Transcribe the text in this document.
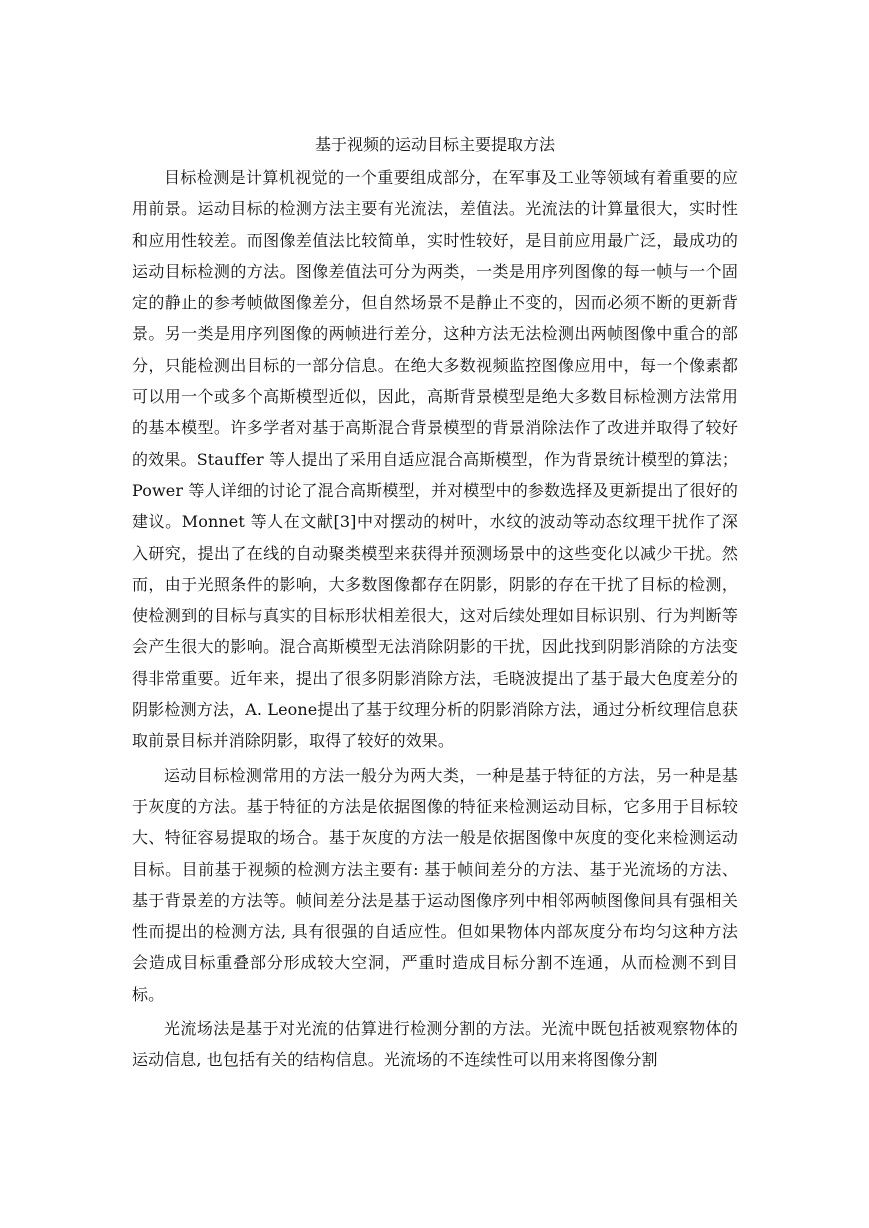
基于视频的运动目标主要提取方法

目标检测是计算机视觉的一个重要组成部分，在军事及工业等领域有着重要的应用前景。运动目标的检测方法主要有光流法，差值法。光流法的计算量很大，实时性和应用性较差。而图像差值法比较简单，实时性较好，是目前应用最广泛，最成功的运动目标检测的方法。图像差值法可分为两类，一类是用序列图像的每一帧与一个固定的静止的参考帧做图像差分，但自然场景不是静止不变的，因而必须不断的更新背景。另一类是用序列图像的两帧进行差分，这种方法无法检测出两帧图像中重合的部分，只能检测出目标的一部分信息。在绝大多数视频监控图像应用中，每一个像素都可以用一个或多个高斯模型近似，因此，高斯背景模型是绝大多数目标检测方法常用的基本模型。许多学者对基于高斯混合背景模型的背景消除法作了改进并取得了较好的效果。Stauffer 等人提出了采用自适应混合高斯模型，作为背景统计模型的算法；Power 等人详细的讨论了混合高斯模型，并对模型中的参数选择及更新提出了很好的建议。Monnet 等人在文献[3]中对摆动的树叶，水纹的波动等动态纹理干扰作了深入研究，提出了在线的自动聚类模型来获得并预测场景中的这些变化以减少干扰。然而，由于光照条件的影响，大多数图像都存在阴影，阴影的存在干扰了目标的检测，使检测到的目标与真实的目标形状相差很大，这对后续处理如目标识别、行为判断等会产生很大的影响。混合高斯模型无法消除阴影的干扰，因此找到阴影消除的方法变得非常重要。近年来，提出了很多阴影消除方法，毛晓波提出了基于最大色度差分的阴影检测方法，A. Leone提出了基于纹理分析的阴影消除方法，通过分析纹理信息获取前景目标并消除阴影，取得了较好的效果。

运动目标检测常用的方法一般分为两大类，一种是基于特征的方法，另一种是基于灰度的方法。基于特征的方法是依据图像的特征来检测运动目标，它多用于目标较大、特征容易提取的场合。基于灰度的方法一般是依据图像中灰度的变化来检测运动目标。目前基于视频的检测方法主要有: 基于帧间差分的方法、基于光流场的方法、基于背景差的方法等。帧间差分法是基于运动图像序列中相邻两帧图像间具有强相关性而提出的检测方法, 具有很强的自适应性。但如果物体内部灰度分布均匀这种方法会造成目标重叠部分形成较大空洞，严重时造成目标分割不连通，从而检测不到目标。

光流场法是基于对光流的估算进行检测分割的方法。光流中既包括被观察物体的运动信息, 也包括有关的结构信息。光流场的不连续性可以用来将图像分割
